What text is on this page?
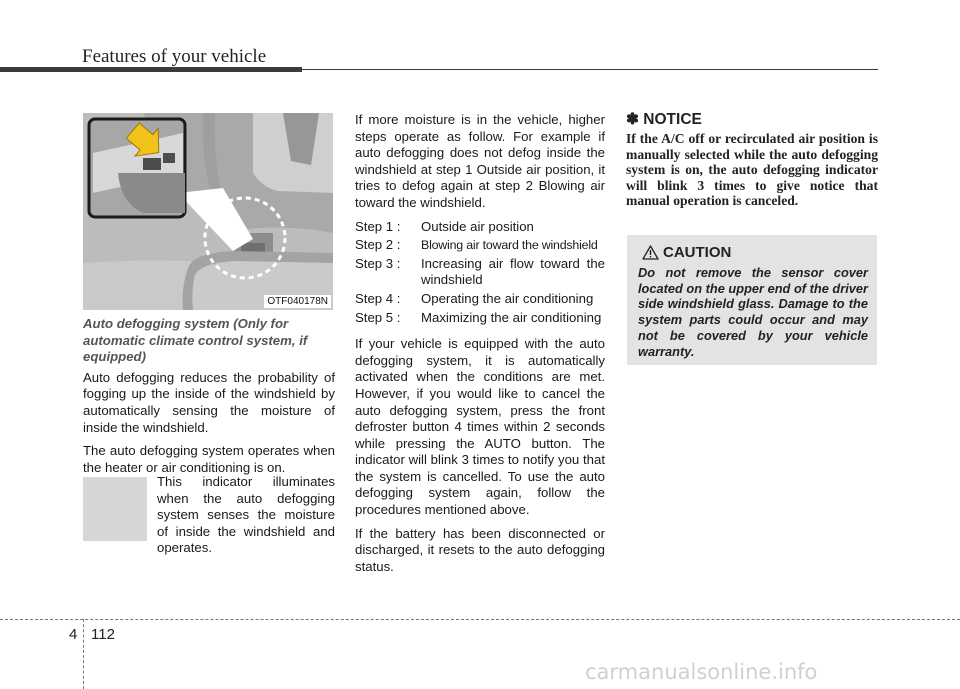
Features of your vehicle
OTF040178N

Auto defogging system (Only for automatic climate control system, if equipped)

Auto defogging reduces the probability of fogging up the inside of the windshield by automatically sensing the moisture of inside the windshield.

The auto defogging system operates when the heater or air conditioning is on.

This indicator illuminates when the auto defogging system senses the moisture of inside the windshield and operates.

If more moisture is in the vehicle, higher steps operate as follow. For example if auto defogging does not defog inside the windshield at step 1 Outside air position, it tries to defog again at step 2 Blowing air toward the windshield.

Step 1 :	Outside air position
Step 2 :	Blowing air toward the windshield
Step 3 :	Increasing air flow toward the windshield
Step 4 :	Operating the air conditioning
Step 5 :	Maximizing the air conditioning

If your vehicle is equipped with the auto defogging system, it is automatically activated when the conditions are met. However, if you would like to cancel the auto defogging system, press the front defroster button 4 times within 2 seconds while pressing the AUTO button. The indicator will blink 3 times to notify you that the system is cancelled. To use the auto defogging system again, follow the procedures mentioned above.

If the battery has been disconnected or discharged, it resets to the auto defogging status.

✽ NOTICE
If the A/C off or recirculated air position is manually selected while the auto defogging system is on, the auto defogging indicator will blink 3 times to give notice that manual operation is canceled.
CAUTION
Do not remove the sensor cover located on the upper end of the driver side windshield glass. Damage to the system parts could occur and may not be covered by your vehicle warranty.
4 112
carmanualsonline.info
